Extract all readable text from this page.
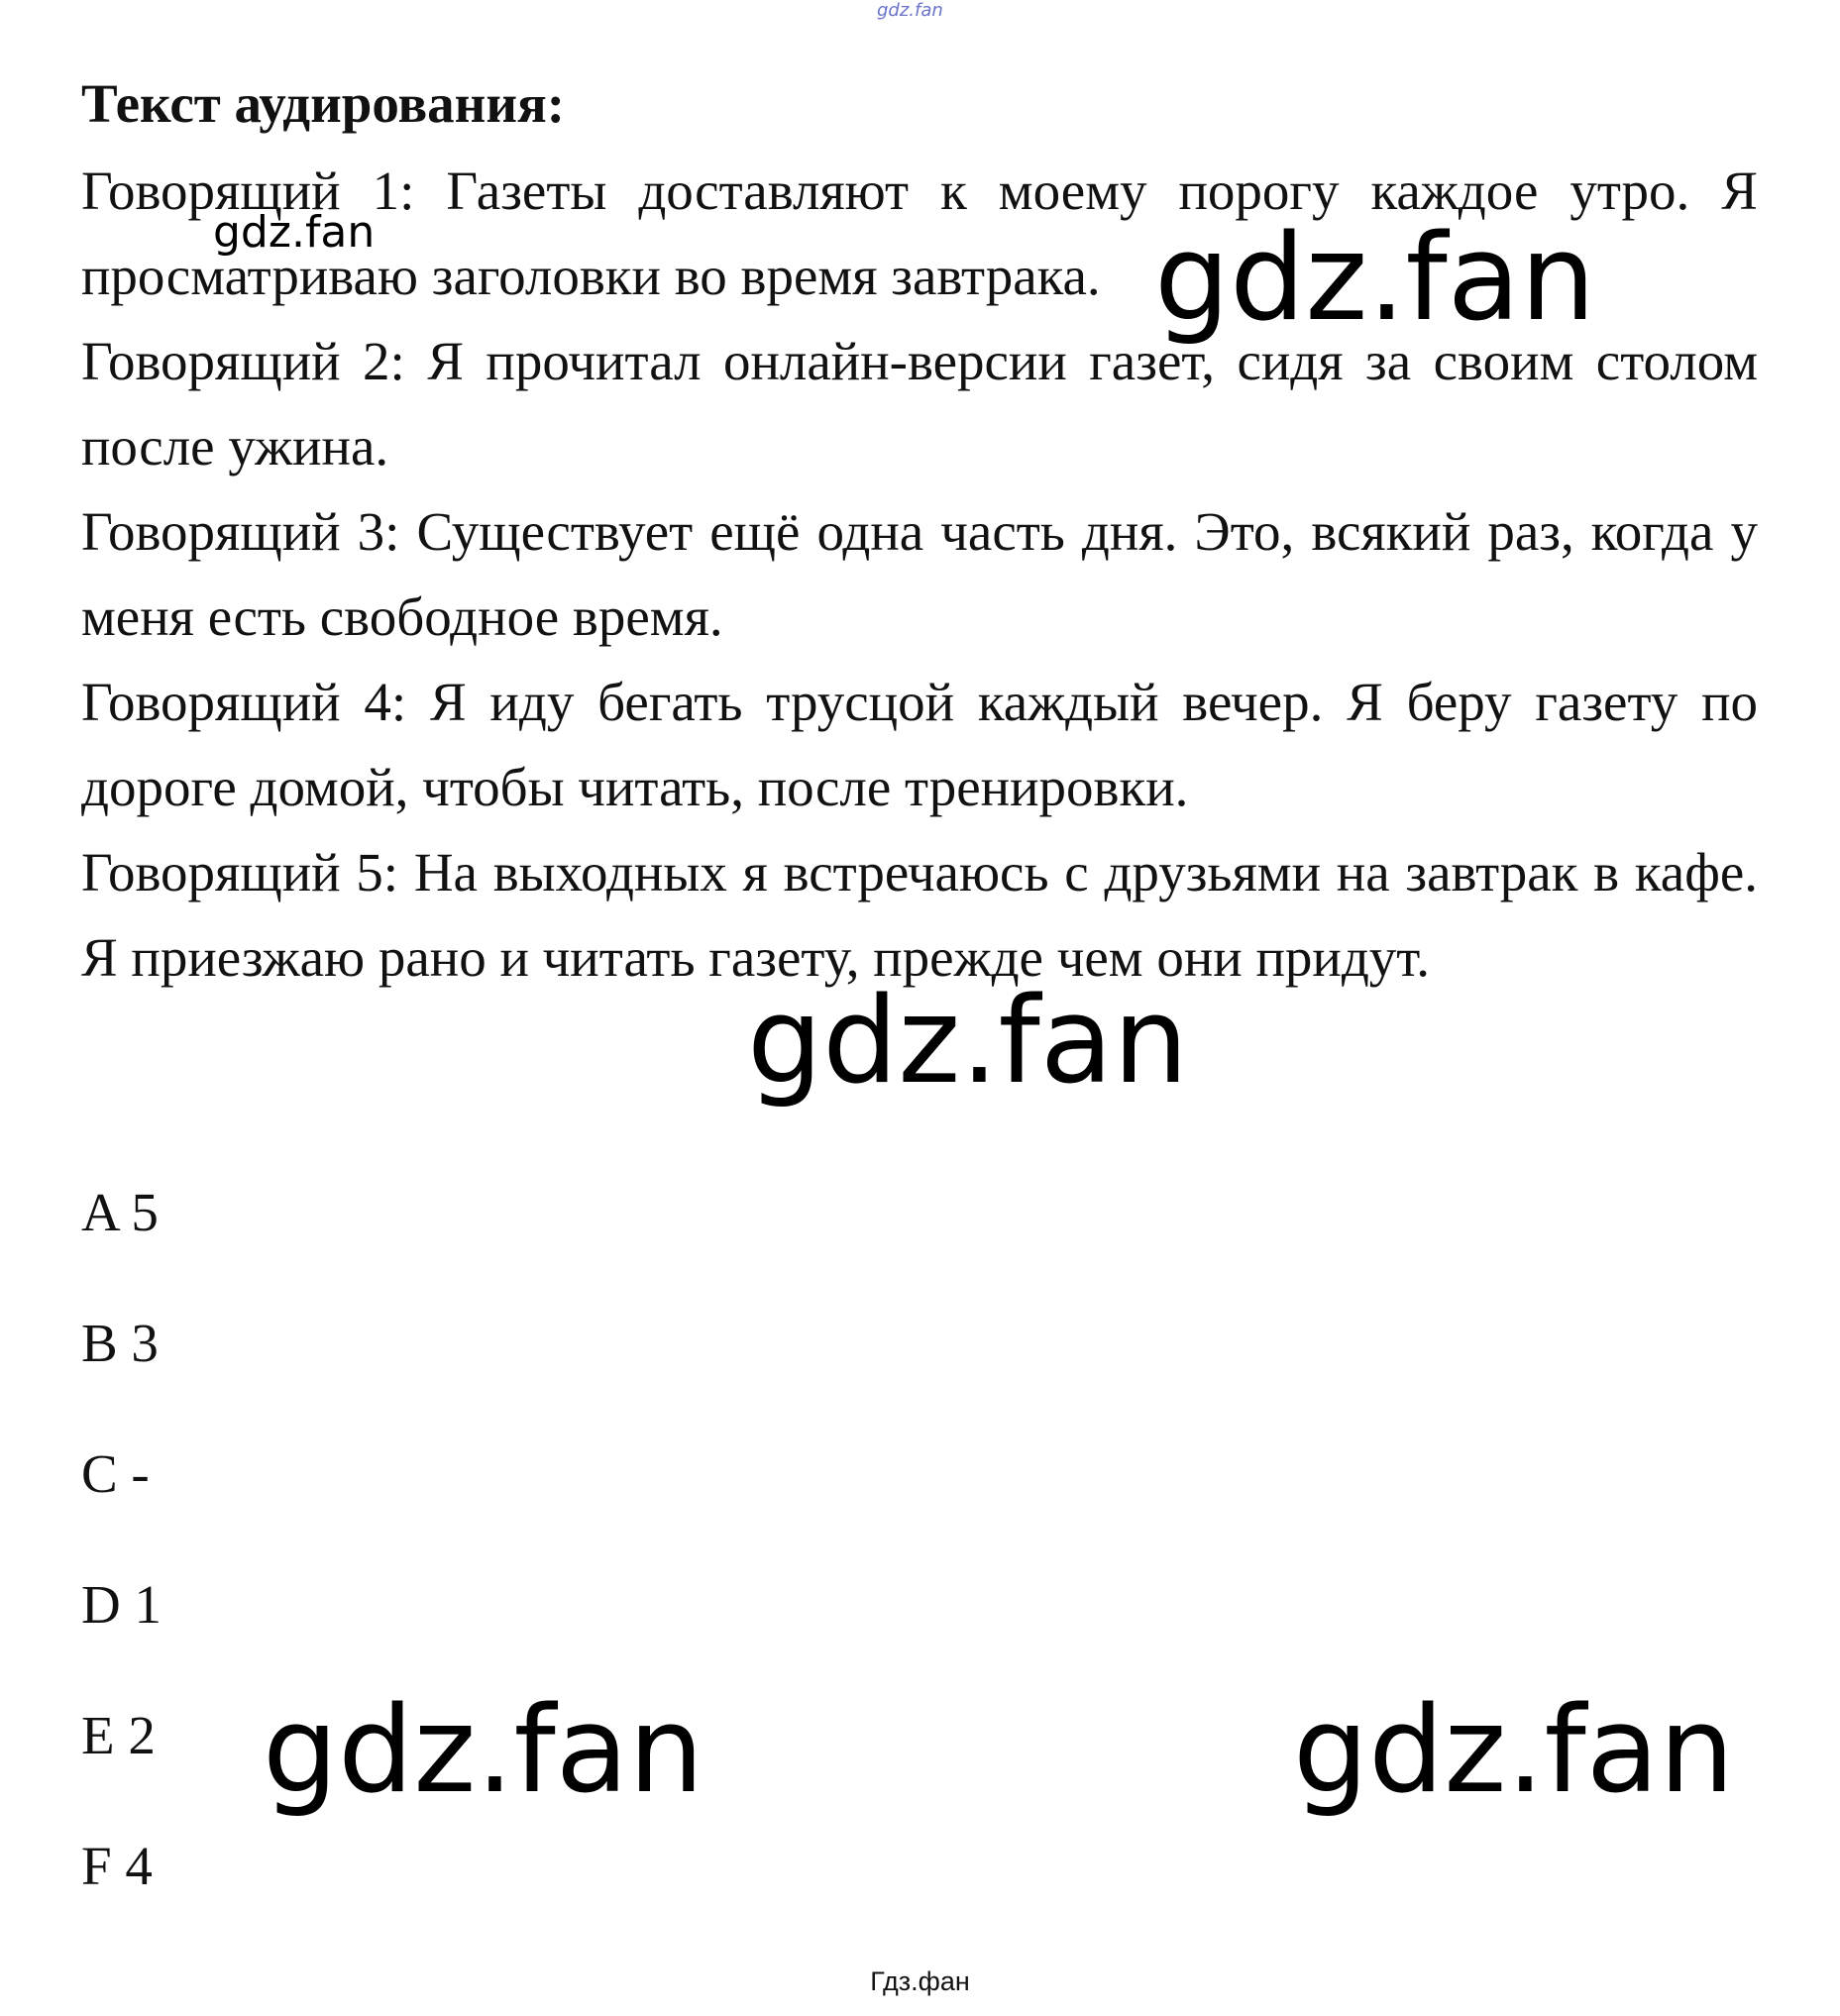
gdz.fan
Текст аудирования:

Говорящий 1: Газеты доставляют к моему порогу каждое утро. Я просматриваю заголовки во время завтрака.

Говорящий 2: Я прочитал онлайн-версии газет, сидя за своим столом после ужина.

Говорящий 3: Существует ещё одна часть дня. Это, всякий раз, когда у меня есть свободное время.

Говорящий 4: Я иду бегать трусцой каждый вечер. Я беру газету по дороге домой, чтобы читать, после тренировки.

Говорящий 5: На выходных я встречаюсь с друзьями на завтрак в кафе. Я приезжаю рано и читать газету, прежде чем они придут.

A 5
B 3
C -
D 1
E 2
F 4
gdz.fan	gdz.fan
gdz.fan
gdz.fan	gdz.fan
Гдз.фан
